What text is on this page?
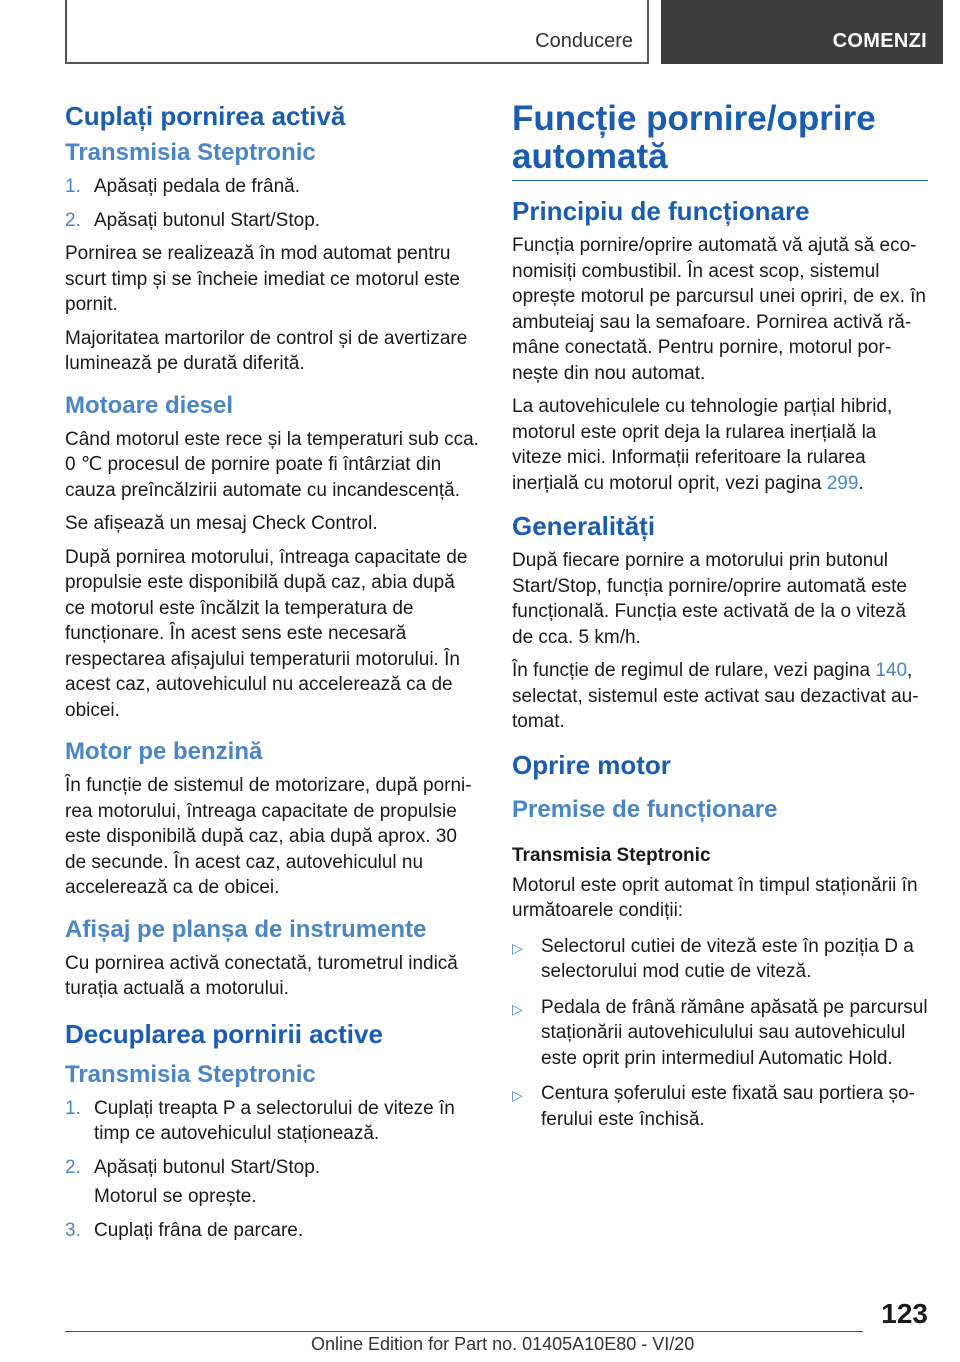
Conducere	COMENZI
Cuplați pornirea activă
Transmisia Steptronic
1. Apăsați pedala de frână.
2. Apăsați butonul Start/Stop.

Pornirea se realizează în mod automat pentru scurt timp și se încheie imediat ce motorul este pornit.

Majoritatea martorilor de control și de avertizare luminează pe durată diferită.

Motoare diesel

Când motorul este rece și la temperaturi sub cca. 0 ℃ procesul de pornire poate fi întârziat din cauza preîncălzirii automate cu incandescență.

Se afișează un mesaj Check Control.

După pornirea motorului, întreaga capacitate de propulsie este disponibilă după caz, abia după ce motorul este încălzit la temperatura de funcționare. În acest sens este necesară respectarea afișajului temperaturii motorului. În acest caz, autovehiculul nu accelerează ca de obicei.

Motor pe benzină

În funcție de sistemul de motorizare, după pornirea motorului, întreaga capacitate de propulsie este disponibilă după caz, abia după aprox. 30 de secunde. În acest caz, autovehiculul nu accelerează ca de obicei.

Afișaj pe planșa de instrumente

Cu pornirea activă conectată, turometrul indică turația actuală a motorului.

Decuplarea pornirii active
Transmisia Steptronic
1. Cuplați treapta P a selectorului de viteze în timp ce autovehiculul staționează.
2. Apăsați butonul Start/Stop.

Motorul se oprește.

3. Cuplați frâna de parcare.
Funcție pornire/oprire automată
Principiu de funcționare

Funcția pornire/oprire automată vă ajută să economisiți combustibil. În acest scop, sistemul oprește motorul pe parcursul unei opriri, de ex. în ambuteiaj sau la semafoare. Pornirea activă rămâne conectată. Pentru pornire, motorul pornește din nou automat.

La autovehiculele cu tehnologie parțial hibrid, motorul este oprit deja la rularea inerțială la viteze mici. Informații referitoare la rularea inerțială cu motorul oprit, vezi pagina 299.

Generalități

După fiecare pornire a motorului prin butonul Start/Stop, funcția pornire/oprire automată este funcțională. Funcția este activată de la o viteză de cca. 5 km/h.

În funcție de regimul de rulare, vezi pagina 140, selectat, sistemul este activat sau dezactivat automat.

Oprire motor
Premise de funcționare
Transmisia Steptronic

Motorul este oprit automat în timpul staționării în următoarele condiții:

▷ Selectorul cutiei de viteză este în poziția D a selectorului mod cutie de viteză.
▷ Pedala de frână rămâne apăsată pe parcursul staționării autovehiculului sau autovehiculul este oprit prin intermediul Automatic Hold.
▷ Centura șoferului este fixată sau portiera șoferului este închisă.
123
Online Edition for Part no. 01405A10E80 - VI/20
